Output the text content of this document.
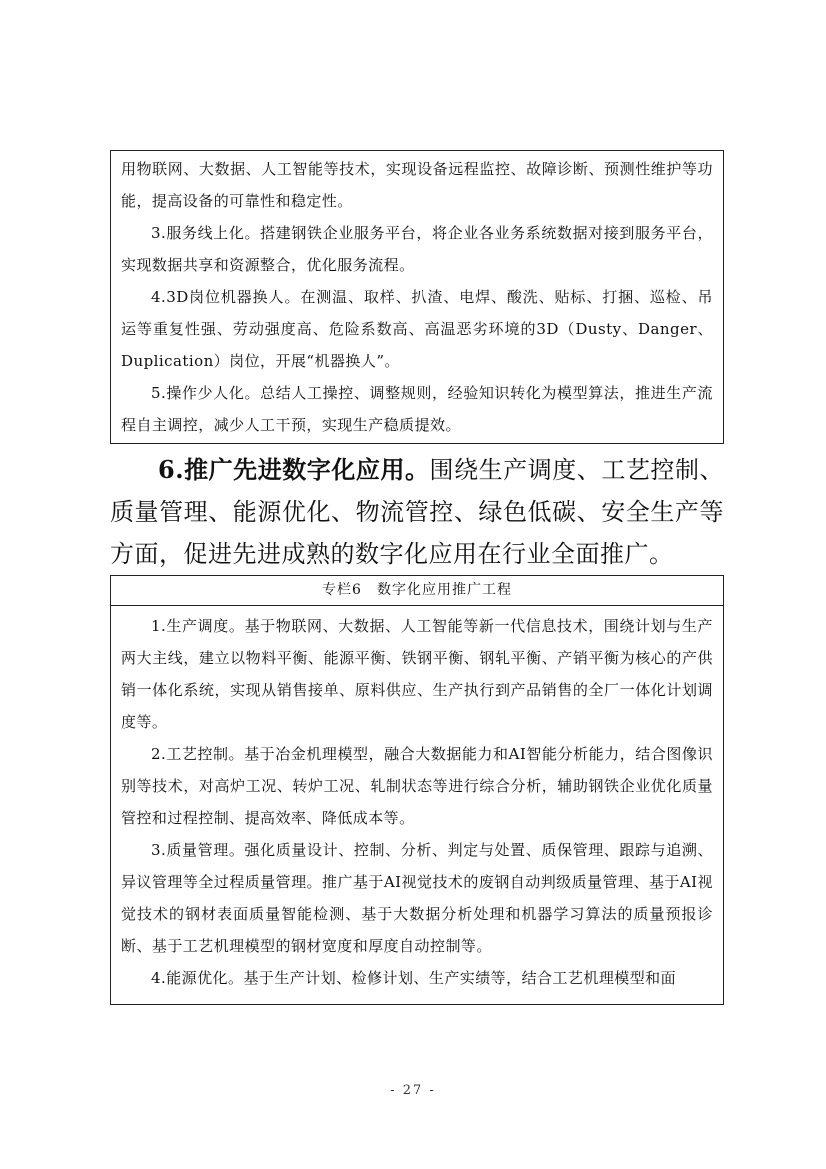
用物联网、大数据、人工智能等技术，实现设备远程监控、故障诊断、预测性维护等功能，提高设备的可靠性和稳定性。

3.服务线上化。搭建钢铁企业服务平台，将企业各业务系统数据对接到服务平台，实现数据共享和资源整合，优化服务流程。

4.3D岗位机器换人。在测温、取样、扒渣、电焊、酸洗、贴标、打捆、巡检、吊运等重复性强、劳动强度高、危险系数高、高温恶劣环境的3D（Dusty、Danger、Duplication）岗位，开展“机器换人”。

5.操作少人化。总结人工操控、调整规则，经验知识转化为模型算法，推进生产流程自主调控，减少人工干预，实现生产稳质提效。

6.推广先进数字化应用。围绕生产调度、工艺控制、质量管理、能源优化、物流管控、绿色低碳、安全生产等方面，促进先进成熟的数字化应用在行业全面推广。

专栏6　数字化应用推广工程

1.生产调度。基于物联网、大数据、人工智能等新一代信息技术，围绕计划与生产两大主线，建立以物料平衡、能源平衡、铁钢平衡、钢轧平衡、产销平衡为核心的产供销一体化系统，实现从销售接单、原料供应、生产执行到产品销售的全厂一体化计划调度等。

2.工艺控制。基于冶金机理模型，融合大数据能力和AI智能分析能力，结合图像识别等技术，对高炉工况、转炉工况、轧制状态等进行综合分析，辅助钢铁企业优化质量管控和过程控制、提高效率、降低成本等。

3.质量管理。强化质量设计、控制、分析、判定与处置、质保管理、跟踪与追溯、异议管理等全过程质量管理。推广基于AI视觉技术的废钢自动判级质量管理、基于AI视觉技术的钢材表面质量智能检测、基于大数据分析处理和机器学习算法的质量预报诊断、基于工艺机理模型的钢材宽度和厚度自动控制等。

4.能源优化。基于生产计划、检修计划、生产实绩等，结合工艺机理模型和面

- 27 -
